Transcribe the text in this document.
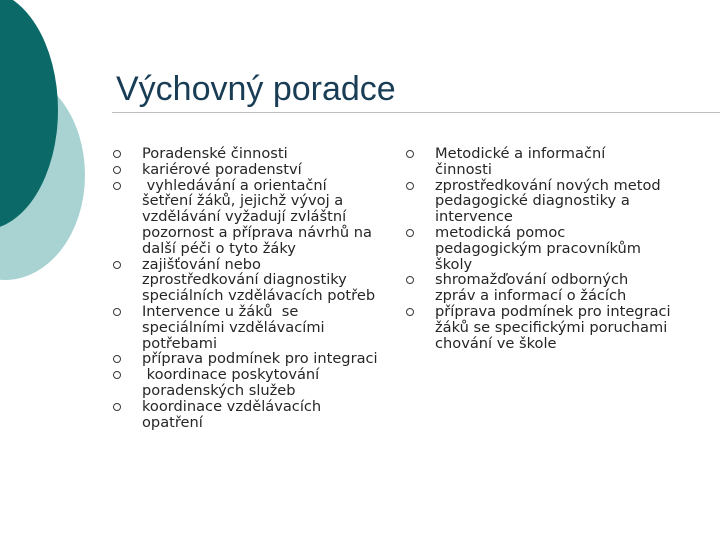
Výchovný poradce
Poradenské činnosti
kariérové poradenství
vyhledávání a orientační
šetření žáků, jejichž vývoj a
vzdělávání vyžadují zvláštní
pozornost a příprava návrhů na
další péči o tyto žáky
zajišťování nebo
zprostředkování diagnostiky
speciálních vzdělávacích potřeb
Intervence u žáků  se
speciálními vzdělávacími
potřebami
příprava podmínek pro integraci
koordinace poskytování
poradenských služeb
koordinace vzdělávacích
opatření
Metodické a informační
činnosti
zprostředkování nových metod
pedagogické diagnostiky a
intervence
metodická pomoc
pedagogickým pracovníkům
školy
shromažďování odborných
zpráv a informací o žácích
příprava podmínek pro integraci
žáků se specifickými poruchami
chování ve škole
